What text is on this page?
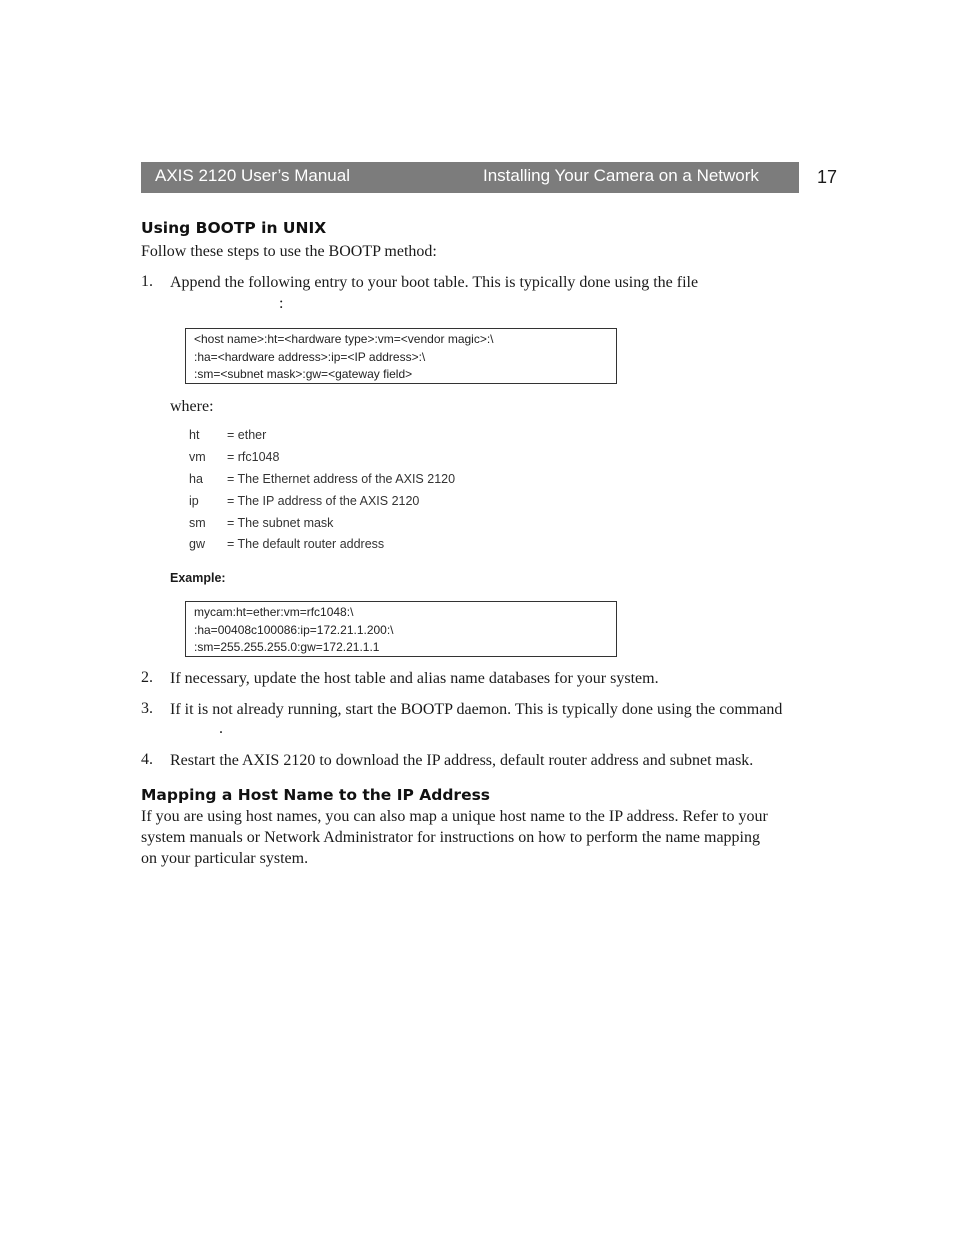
AXIS 2120 User’s Manual	Installing Your Camera on a Network	17
Using BOOTP in UNIX
Follow these steps to use the BOOTP method:
1. Append the following entry to your boot table. This is typically done using the file
:
<host name>:ht=<hardware type>:vm=<vendor magic>:\
:ha=<hardware address>:ip=<IP address>:\
:sm=<subnet mask>:gw=<gateway field>
where:
ht = ether
vm = rfc1048
ha = The Ethernet address of the AXIS 2120
ip = The IP address of the AXIS 2120
sm = The subnet mask
gw = The default router address
Example:
mycam:ht=ether:vm=rfc1048:\
:ha=00408c100086:ip=172.21.1.200:\
:sm=255.255.255.0:gw=172.21.1.1
2. If necessary, update the host table and alias name databases for your system.
3. If it is not already running, start the BOOTP daemon. This is typically done using the command
.
4. Restart the AXIS 2120 to download the IP address, default router address and subnet mask.
Mapping a Host Name to the IP Address
If you are using host names, you can also map a unique host name to the IP address. Refer to your
system manuals or Network Administrator for instructions on how to perform the name mapping
on your particular system.
